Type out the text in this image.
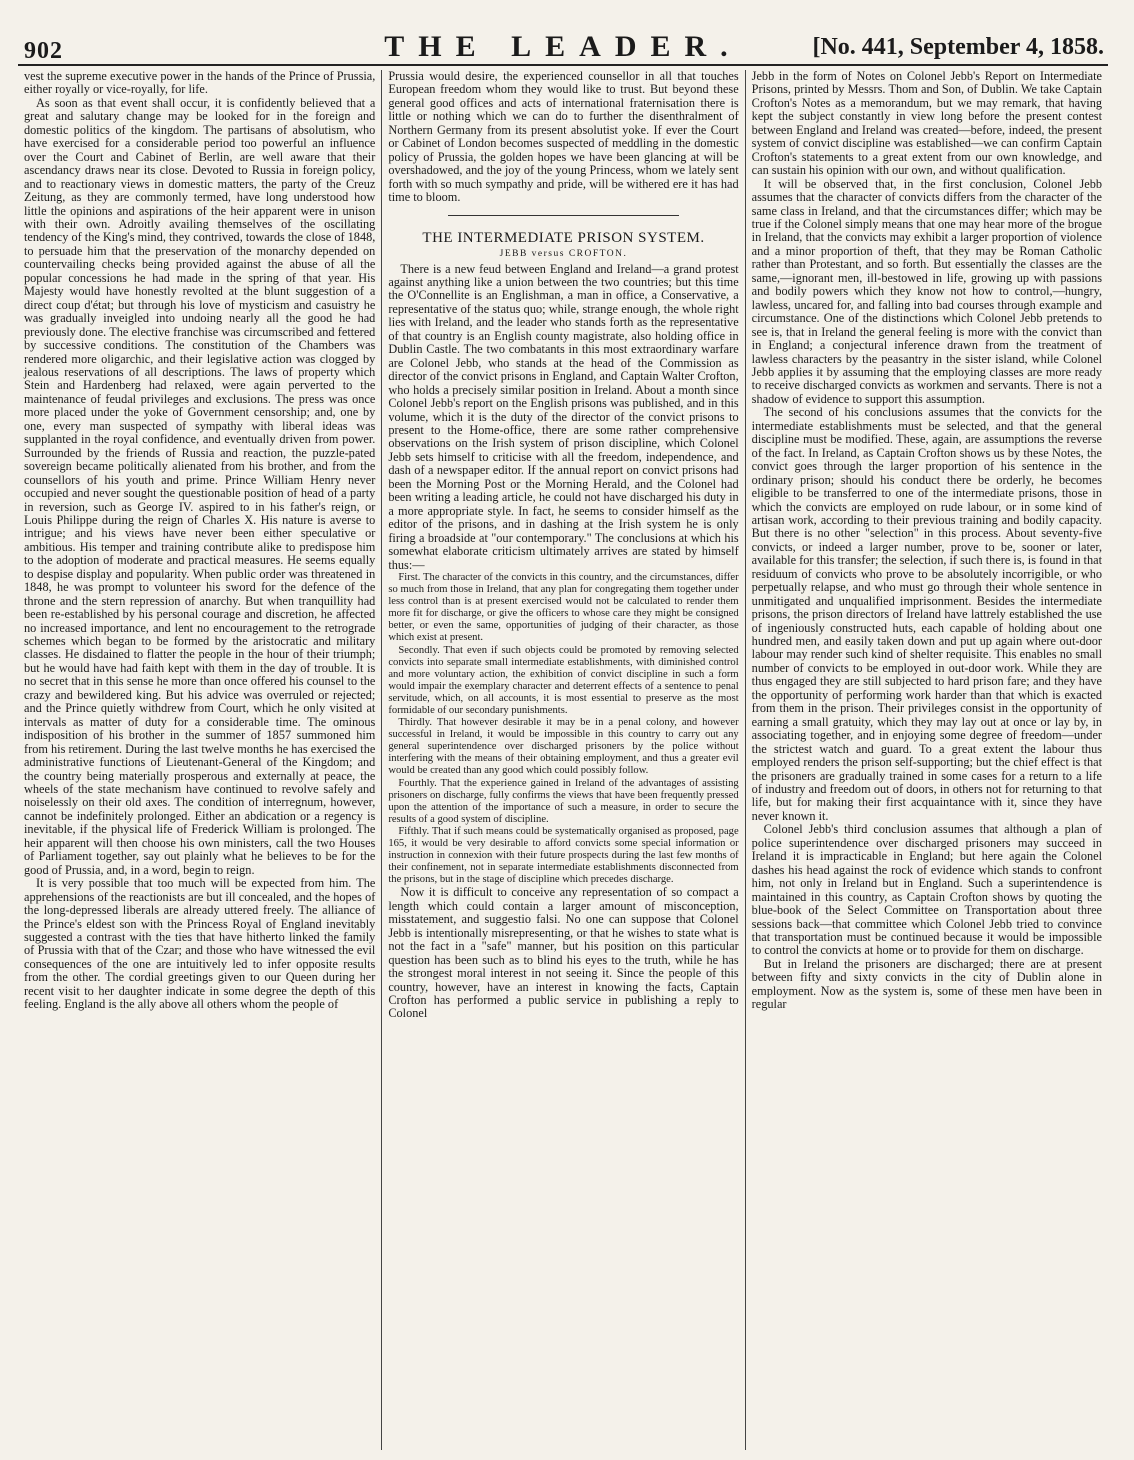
902	THE LEADER.	[No. 441, September 4, 1858.

vest the supreme executive power in the hands of the Prince of Prussia, either royally or vice-royally, for life.

As soon as that event shall occur, it is confidently believed that a great and salutary change may be looked for in the foreign and domestic politics of the kingdom. The partisans of absolutism, who have exercised for a considerable period too powerful an influence over the Court and Cabinet of Berlin, are well aware that their ascendancy draws near its close. Devoted to Russia in foreign policy, and to reactionary views in domestic matters, the party of the Creuz Zeitung, as they are commonly termed, have long understood how little the opinions and aspirations of the heir apparent were in unison with their own. Adroitly availing themselves of the oscillating tendency of the King's mind, they contrived, towards the close of 1848, to persuade him that the preservation of the monarchy depended on countervailing checks being provided against the abuse of all the popular concessions he had made in the spring of that year. His Majesty would have honestly revolted at the blunt suggestion of a direct coup d'état; but through his love of mysticism and casuistry he was gradually inveigled into undoing nearly all the good he had previously done. The elective franchise was circumscribed and fettered by successive conditions. The constitution of the Chambers was rendered more oligarchic, and their legislative action was clogged by jealous reservations of all descriptions. The laws of property which Stein and Hardenberg had relaxed, were again perverted to the maintenance of feudal privileges and exclusions. The press was once more placed under the yoke of Government censorship; and, one by one, every man suspected of sympathy with liberal ideas was supplanted in the royal confidence, and eventually driven from power. Surrounded by the friends of Russia and reaction, the puzzle-pated sovereign became politically alienated from his brother, and from the counsellors of his youth and prime. Prince William Henry never occupied and never sought the questionable position of head of a party in reversion, such as George IV. aspired to in his father's reign, or Louis Philippe during the reign of Charles X. His nature is averse to intrigue; and his views have never been either speculative or ambitious. His temper and training contribute alike to predispose him to the adoption of moderate and practical measures. He seems equally to despise display and popularity. When public order was threatened in 1848, he was prompt to volunteer his sword for the defence of the throne and the stern repression of anarchy. But when tranquillity had been re-established by his personal courage and discretion, he affected no increased importance, and lent no encouragement to the retrograde schemes which began to be formed by the aristocratic and military classes. He disdained to flatter the people in the hour of their triumph; but he would have had faith kept with them in the day of trouble. It is no secret that in this sense he more than once offered his counsel to the crazy and bewildered king. But his advice was overruled or rejected; and the Prince quietly withdrew from Court, which he only visited at intervals as matter of duty for a considerable time. The ominous indisposition of his brother in the summer of 1857 summoned him from his retirement. During the last twelve months he has exercised the administrative functions of Lieutenant-General of the Kingdom; and the country being materially prosperous and externally at peace, the wheels of the state mechanism have continued to revolve safely and noiselessly on their old axes. The condition of interregnum, however, cannot be indefinitely prolonged. Either an abdication or a regency is inevitable, if the physical life of Frederick William is prolonged. The heir apparent will then choose his own ministers, call the two Houses of Parliament together, say out plainly what he believes to be for the good of Prussia, and, in a word, begin to reign.

It is very possible that too much will be expected from him. The apprehensions of the reactionists are but ill concealed, and the hopes of the long-depressed liberals are already uttered freely. The alliance of the Prince's eldest son with the Princess Royal of England inevitably suggested a contrast with the ties that have hitherto linked the family of Prussia with that of the Czar; and those who have witnessed the evil consequences of the one are intuitively led to infer opposite results from the other. The cordial greetings given to our Queen during her recent visit to her daughter indicate in some degree the depth of this feeling. England is the ally above all others whom the people of

Prussia would desire, the experienced counsellor in all that touches European freedom whom they would like to trust. But beyond these general good offices and acts of international fraternisation there is little or nothing which we can do to further the disenthralment of Northern Germany from its present absolutist yoke. If ever the Court or Cabinet of London becomes suspected of meddling in the domestic policy of Prussia, the golden hopes we have been glancing at will be overshadowed, and the joy of the young Princess, whom we lately sent forth with so much sympathy and pride, will be withered ere it has had time to bloom.

THE INTERMEDIATE PRISON SYSTEM.
JEBB versus CROFTON.

There is a new feud between England and Ireland—a grand protest against anything like a union between the two countries; but this time the O'Connellite is an Englishman, a man in office, a Conservative, a representative of the status quo; while, strange enough, the whole right lies with Ireland, and the leader who stands forth as the representative of that country is an English county magistrate, also holding office in Dublin Castle. The two combatants in this most extraordinary warfare are Colonel Jebb, who stands at the head of the Commission as director of the convict prisons in England, and Captain Walter Crofton, who holds a precisely similar position in Ireland. About a month since Colonel Jebb's report on the English prisons was published, and in this volume, which it is the duty of the director of the convict prisons to present to the Home-office, there are some rather comprehensive observations on the Irish system of prison discipline, which Colonel Jebb sets himself to criticise with all the freedom, independence, and dash of a newspaper editor. If the annual report on convict prisons had been the Morning Post or the Morning Herald, and the Colonel had been writing a leading article, he could not have discharged his duty in a more appropriate style. In fact, he seems to consider himself as the editor of the prisons, and in dashing at the Irish system he is only firing a broadside at "our contemporary." The conclusions at which his somewhat elaborate criticism ultimately arrives are stated by himself thus:—

First. The character of the convicts in this country, and the circumstances, differ so much from those in Ireland, that any plan for congregating them together under less control than is at present exercised would not be calculated to render them more fit for discharge, or give the officers to whose care they might be consigned better, or even the same, opportunities of judging of their character, as those which exist at present.

Secondly. That even if such objects could be promoted by removing selected convicts into separate small intermediate establishments, with diminished control and more voluntary action, the exhibition of convict discipline in such a form would impair the exemplary character and deterrent effects of a sentence to penal servitude, which, on all accounts, it is most essential to preserve as the most formidable of our secondary punishments.

Thirdly. That however desirable it may be in a penal colony, and however successful in Ireland, it would be impossible in this country to carry out any general superintendence over discharged prisoners by the police without interfering with the means of their obtaining employment, and thus a greater evil would be created than any good which could possibly follow.

Fourthly. That the experience gained in Ireland of the advantages of assisting prisoners on discharge, fully confirms the views that have been frequently pressed upon the attention of the importance of such a measure, in order to secure the results of a good system of discipline.

Fifthly. That if such means could be systematically organised as proposed, page 165, it would be very desirable to afford convicts some special information or instruction in connexion with their future prospects during the last few months of their confinement, not in separate intermediate establishments disconnected from the prisons, but in the stage of discipline which precedes discharge.

Now it is difficult to conceive any representation of so compact a length which could contain a larger amount of misconception, misstatement, and suggestio falsi. No one can suppose that Colonel Jebb is intentionally misrepresenting, or that he wishes to state what is not the fact in a "safe" manner, but his position on this particular question has been such as to blind his eyes to the truth, while he has the strongest moral interest in not seeing it. Since the people of this country, however, have an interest in knowing the facts, Captain Crofton has performed a public service in publishing a reply to Colonel

Jebb in the form of Notes on Colonel Jebb's Report on Intermediate Prisons, printed by Messrs. Thom and Son, of Dublin. We take Captain Crofton's Notes as a memorandum, but we may remark, that having kept the subject constantly in view long before the present contest between England and Ireland was created—before, indeed, the present system of convict discipline was established—we can confirm Captain Crofton's statements to a great extent from our own knowledge, and can sustain his opinion with our own, and without qualification.

It will be observed that, in the first conclusion, Colonel Jebb assumes that the character of convicts differs from the character of the same class in Ireland, and that the circumstances differ; which may be true if the Colonel simply means that one may hear more of the brogue in Ireland, that the convicts may exhibit a larger proportion of violence and a minor proportion of theft, that they may be Roman Catholic rather than Protestant, and so forth. But essentially the classes are the same,—ignorant men, ill-bestowed in life, growing up with passions and bodily powers which they know not how to control,—hungry, lawless, uncared for, and falling into bad courses through example and circumstance. One of the distinctions which Colonel Jebb pretends to see is, that in Ireland the general feeling is more with the convict than in England; a conjectural inference drawn from the treatment of lawless characters by the peasantry in the sister island, while Colonel Jebb applies it by assuming that the employing classes are more ready to receive discharged convicts as workmen and servants. There is not a shadow of evidence to support this assumption.

The second of his conclusions assumes that the convicts for the intermediate establishments must be selected, and that the general discipline must be modified. These, again, are assumptions the reverse of the fact. In Ireland, as Captain Crofton shows us by these Notes, the convict goes through the larger proportion of his sentence in the ordinary prison; should his conduct there be orderly, he becomes eligible to be transferred to one of the intermediate prisons, those in which the convicts are employed on rude labour, or in some kind of artisan work, according to their previous training and bodily capacity. But there is no other "selection" in this process. About seventy-five convicts, or indeed a larger number, prove to be, sooner or later, available for this transfer; the selection, if such there is, is found in that residuum of convicts who prove to be absolutely incorrigible, or who perpetually relapse, and who must go through their whole sentence in unmitigated and unqualified imprisonment. Besides the intermediate prisons, the prison directors of Ireland have lattrely established the use of ingeniously constructed huts, each capable of holding about one hundred men, and easily taken down and put up again where out-door labour may render such kind of shelter requisite. This enables no small number of convicts to be employed in out-door work. While they are thus engaged they are still subjected to hard prison fare; and they have the opportunity of performing work harder than that which is exacted from them in the prison. Their privileges consist in the opportunity of earning a small gratuity, which they may lay out at once or lay by, in associating together, and in enjoying some degree of freedom—under the strictest watch and guard. To a great extent the labour thus employed renders the prison self-supporting; but the chief effect is that the prisoners are gradually trained in some cases for a return to a life of industry and freedom out of doors, in others not for returning to that life, but for making their first acquaintance with it, since they have never known it.

Colonel Jebb's third conclusion assumes that although a plan of police superintendence over discharged prisoners may succeed in Ireland it is impracticable in England; but here again the Colonel dashes his head against the rock of evidence which stands to confront him, not only in Ireland but in England. Such a superintendence is maintained in this country, as Captain Crofton shows by quoting the blue-book of the Select Committee on Transportation about three sessions back—that committee which Colonel Jebb tried to convince that transportation must be continued because it would be impossible to control the convicts at home or to provide for them on discharge.

But in Ireland the prisoners are discharged; there are at present between fifty and sixty convicts in the city of Dublin alone in employment. Now as the system is, some of these men have been in regular
